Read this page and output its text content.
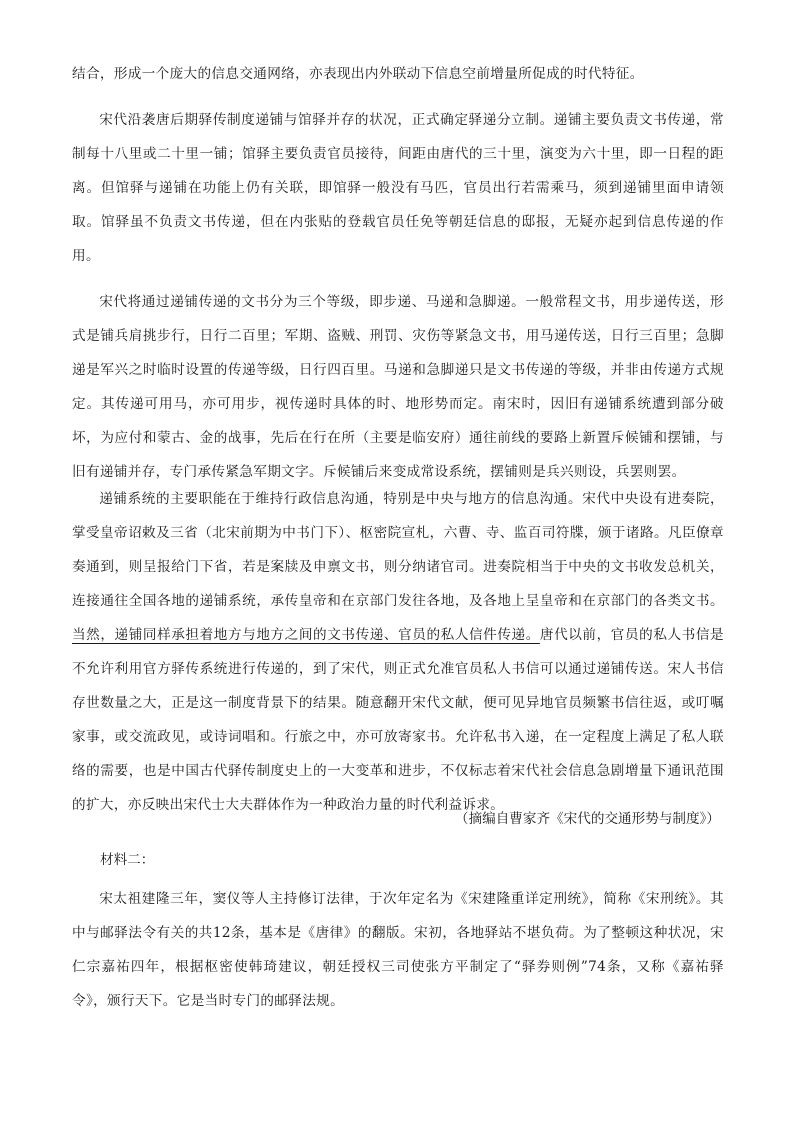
结合，形成一个庞大的信息交通网络，亦表现出内外联动下信息空前增量所促成的时代特征。

宋代沿袭唐后期驿传制度递铺与馆驿并存的状况，正式确定驿递分立制。递铺主要负责文书传递，常制每十八里或二十里一铺；馆驿主要负责官员接待，间距由唐代的三十里，演变为六十里，即一日程的距离。但馆驿与递铺在功能上仍有关联，即馆驿一般没有马匹，官员出行若需乘马，须到递铺里面申请领取。馆驿虽不负责文书传递，但在内张贴的登载官员任免等朝廷信息的邸报，无疑亦起到信息传递的作用。

宋代将通过递铺传递的文书分为三个等级，即步递、马递和急脚递。一般常程文书，用步递传送，形式是铺兵肩挑步行，日行二百里；军期、盗贼、刑罚、灾伤等紧急文书，用马递传送，日行三百里；急脚递是军兴之时临时设置的传递等级，日行四百里。马递和急脚递只是文书传递的等级，并非由传递方式规定。其传递可用马，亦可用步，视传递时具体的时、地形势而定。南宋时，因旧有递铺系统遭到部分破坏，为应付和蒙古、金的战事，先后在行在所（主要是临安府）通往前线的要路上新置斥候铺和摆铺，与旧有递铺并存，专门承传紧急军期文字。斥候铺后来变成常设系统，摆铺则是兵兴则设，兵罢则罢。

递铺系统的主要职能在于维持行政信息沟通，特别是中央与地方的信息沟通。宋代中央设有进奏院，掌受皇帝诏敕及三省（北宋前期为中书门下）、枢密院宣札，六曹、寺、监百司符牒，颁于诸路。凡臣僚章奏通到，则呈报给门下省，若是案牍及申禀文书，则分纳诸官司。进奏院相当于中央的文书收发总机关，连接通往全国各地的递铺系统，承传皇帝和在京部门发往各地，及各地上呈皇帝和在京部门的各类文书。当然，递铺同样承担着地方与地方之间的文书传递、官员的私人信件传递。唐代以前，官员的私人书信是不允许利用官方驿传系统进行传递的，到了宋代，则正式允准官员私人书信可以通过递铺传送。宋人书信存世数量之大，正是这一制度背景下的结果。随意翻开宋代文献，便可见异地官员频繁书信往返，或叮嘱家事，或交流政见，或诗词唱和。行旅之中，亦可放寄家书。允许私书入递，在一定程度上满足了私人联络的需要，也是中国古代驿传制度史上的一大变革和进步，不仅标志着宋代社会信息急剧增量下通讯范围的扩大，亦反映出宋代士大夫群体作为一种政治力量的时代利益诉求。

（摘编自曹家齐《宋代的交通形势与制度》）

材料二：

宋太祖建隆三年，窦仪等人主持修订法律，于次年定名为《宋建隆重详定刑统》，简称《宋刑统》。其中与邮驿法令有关的共12条，基本是《唐律》的翻版。宋初，各地驿站不堪负荷。为了整顿这种状况，宋仁宗嘉祐四年，根据枢密使韩琦建议，朝廷授权三司使张方平制定了“驿券则例”74条，又称《嘉祐驿令》，颁行天下。它是当时专门的邮驿法规。
